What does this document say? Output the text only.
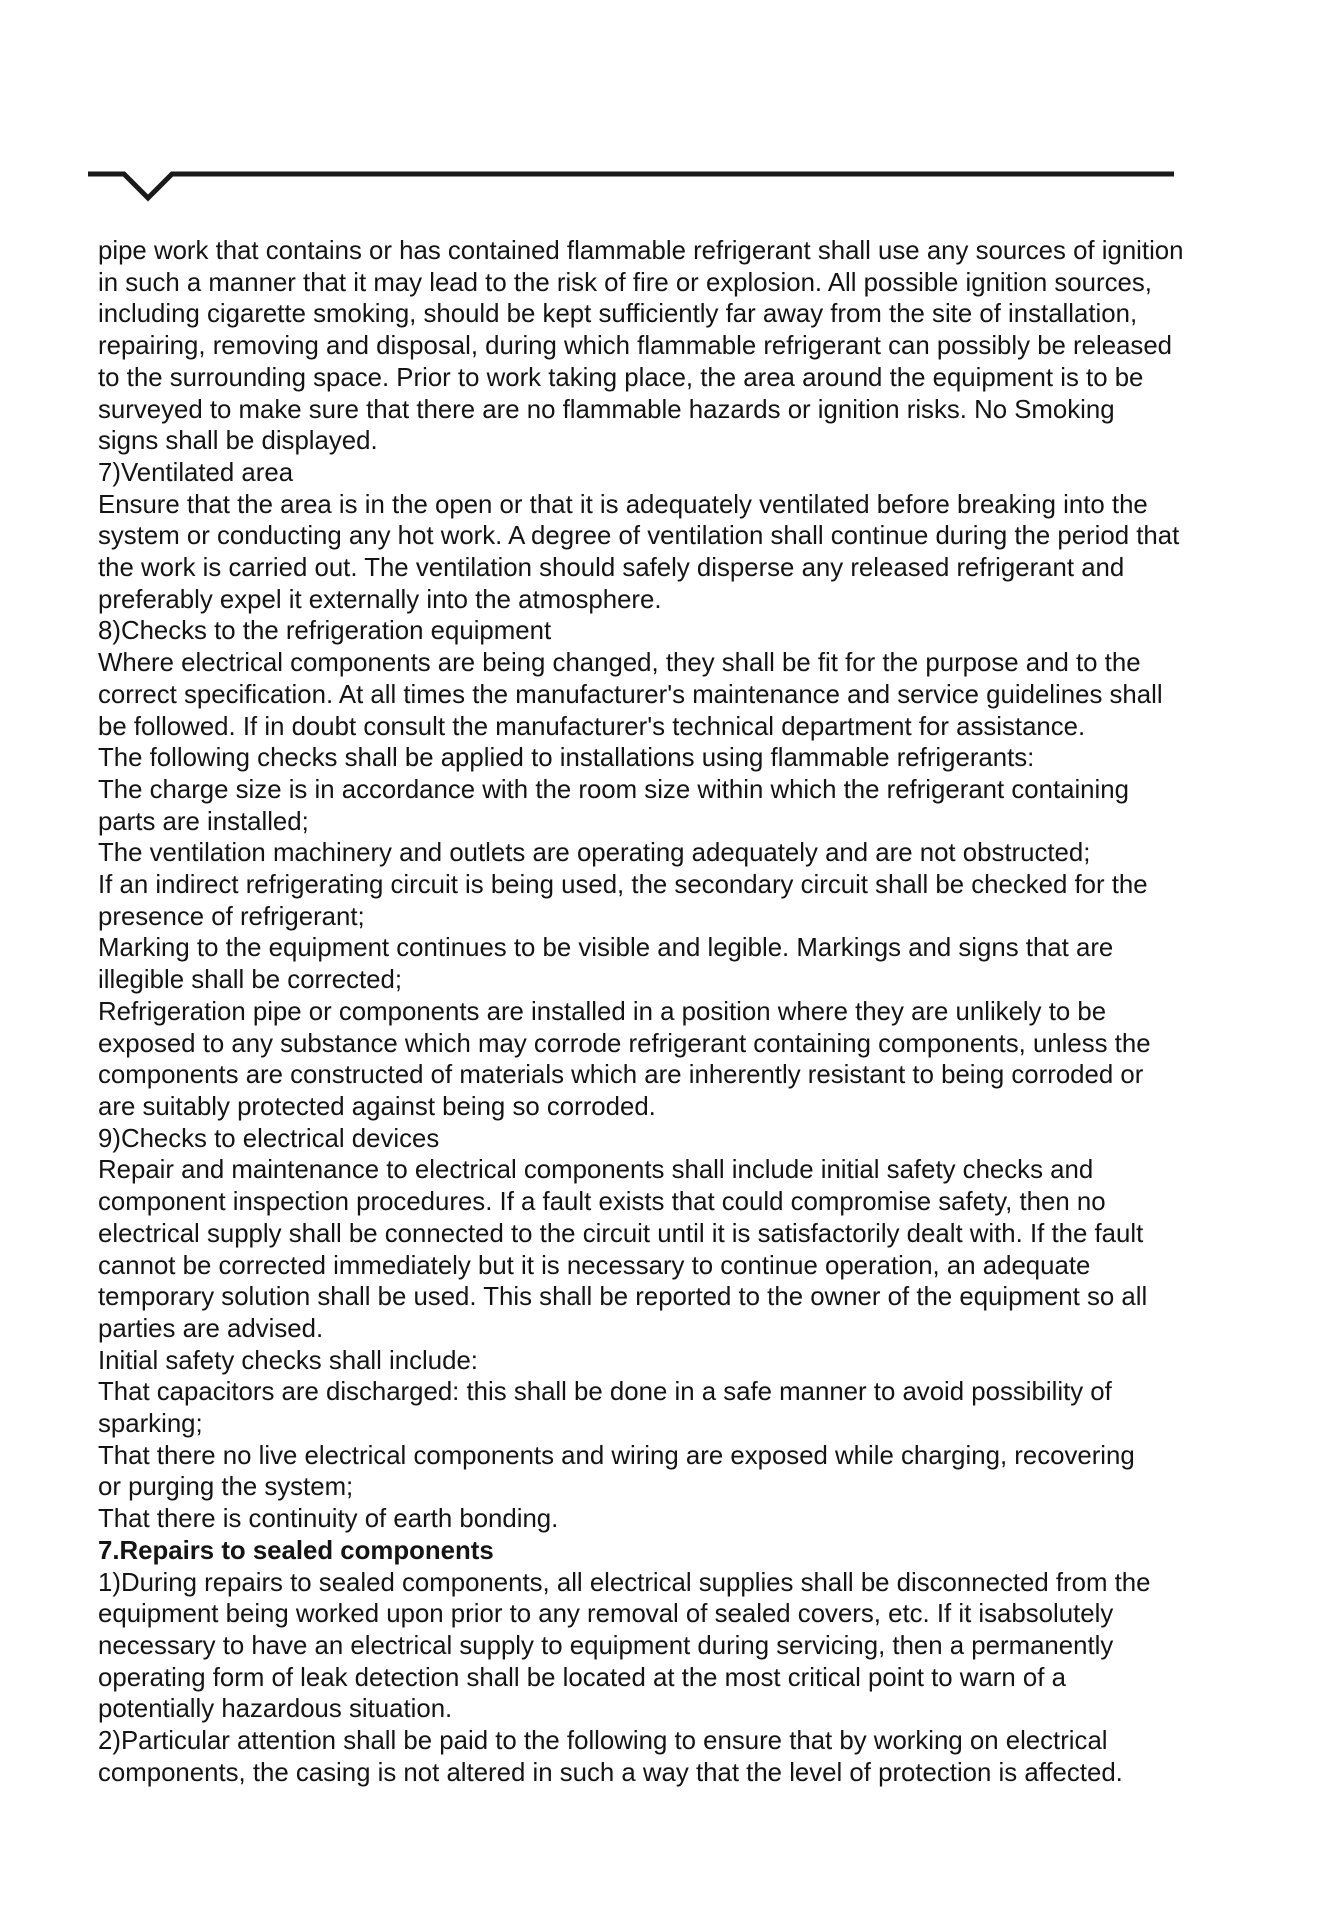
pipe work that contains or has contained flammable refrigerant shall use any sources of ignition

in such a manner that it may lead to the risk of fire or explosion. All possible ignition sources,

including cigarette smoking, should be kept sufficiently far away from the site of installation,

repairing, removing and disposal, during which flammable refrigerant can possibly be released

to the surrounding space. Prior to work taking place, the area around the equipment is to be

surveyed to make sure that there are no flammable hazards or ignition risks. No Smoking

signs shall be displayed.

7)Ventilated area

Ensure that the area is in the open or that it is adequately ventilated before breaking into the

system or conducting any hot work. A degree of ventilation shall continue during the period that

the work is carried out. The ventilation should safely disperse any released refrigerant and

preferably expel it externally into the atmosphere.

8)Checks to the refrigeration equipment

Where electrical components are being changed, they shall be fit for the purpose and to the

correct specification. At all times the manufacturer's maintenance and service guidelines shall

be followed. If in doubt consult the manufacturer's technical department for assistance.

The following checks shall be applied to installations using flammable refrigerants:

The charge size is in accordance with the room size within which the refrigerant containing

parts are installed;

The ventilation machinery and outlets are operating adequately and are not obstructed;

If an indirect refrigerating circuit is being used, the secondary circuit shall be checked for the

presence of refrigerant;

Marking to the equipment continues to be visible and legible. Markings and signs that are

illegible shall be corrected;

Refrigeration pipe or components are installed in a position where they are unlikely to be

exposed to any substance which may corrode refrigerant containing components, unless the

components are constructed of materials which are inherently resistant to being corroded or

are suitably protected against being so corroded.

9)Checks to electrical devices

Repair and maintenance to electrical components shall include initial safety checks and

component inspection procedures. If a fault exists that could compromise safety, then no

electrical supply shall be connected to the circuit until it is satisfactorily dealt with. If the fault

cannot be corrected immediately but it is necessary to continue operation, an adequate

temporary solution shall be used. This shall be reported to the owner of the equipment so all

parties are advised.

Initial safety checks shall include:

That capacitors are discharged: this shall be done in a safe manner to avoid possibility of

sparking;

That there no live electrical components and wiring are exposed while charging, recovering

or purging the system;

That there is continuity of earth bonding.

7.Repairs to sealed components

1)During repairs to sealed components, all electrical supplies shall be disconnected from the

equipment being worked upon prior to any removal of sealed covers, etc. If it isabsolutely

necessary to have an electrical supply to equipment during servicing, then a permanently

operating form of leak detection shall be located at the most critical point to warn of a

potentially hazardous situation.

2)Particular attention shall be paid to the following to ensure that by working on electrical

components, the casing is not altered in such a way that the level of protection is affected.
